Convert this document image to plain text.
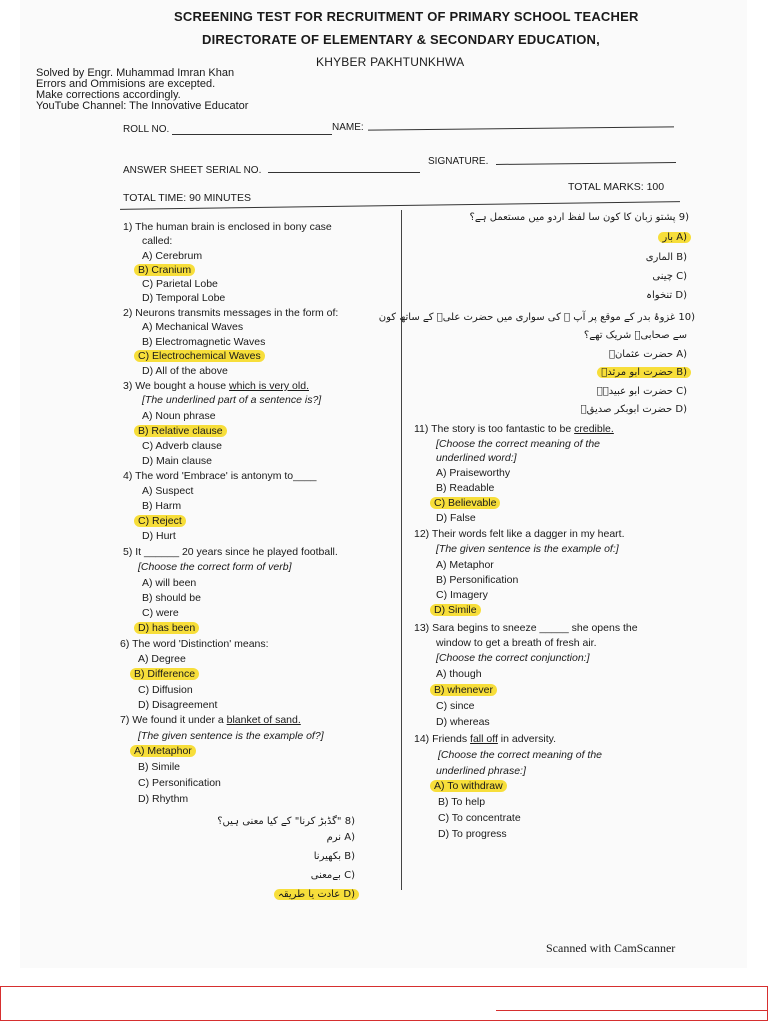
SCREENING TEST FOR RECRUITMENT OF PRIMARY SCHOOL TEACHER
DIRECTORATE OF ELEMENTARY & SECONDARY EDUCATION,
KHYBER PAKHTUNKHWA
Solved by Engr. Muhammad Imran Khan
Errors and Ommisions are excepted.
Make corrections accordingly.
YouTube Channel: The Innovative Educator
ROLL NO.	NAME:
ANSWER SHEET SERIAL NO.
SIGNATURE.
TOTAL TIME: 90 MINUTES
TOTAL MARKS: 100
1) The human brain is enclosed in bony case
called:
A) Cerebrum
B) Cranium
C) Parietal Lobe
D) Temporal Lobe
2) Neurons transmits messages in the form of:
A) Mechanical Waves
B) Electromagnetic Waves
C) Electrochemical Waves
D) All of the above
3) We bought a house which is very old.
[The underlined part of a sentence is?]
A) Noun phrase
B) Relative clause
C) Adverb clause
D) Main clause
4) The word 'Embrace' is antonym to____
A) Suspect
B) Harm
C) Reject
D) Hurt
5) It ______ 20 years since he played football.
[Choose the correct form of verb]
A) will been
B) should be
C) were
D) has been
6) The word 'Distinction' means:
A) Degree
B) Difference
C) Diffusion
D) Disagreement
7) We found it under a blanket of sand.
[The given sentence is the example of?]
A) Metaphor
B) Simile
C) Personification
D) Rhythm
(8 "گڈبڑ کرنا" کے کیا معنی ہیں؟
(A نرم
(B بکھیرنا
(C بےمعنی
(D عادت یا طریقہ
(9 پشتو زبان کا کون سا لفظ اردو میں مستعمل ہے؟
(A بار
(B الماری
(C چینی
(D تنخواہ
(10 غزوۂ بدر کے موقع پر آپ ﷺ کی سواری میں حضرت علیؓ کے ساتھ کون
سے صحابیؓ شریک تھے؟
(A حضرت عثمانؓ
(B حضرت ابو مرثدؓ
(C حضرت ابو عبیدہؓ
(D حضرت ابوبکر صدیقؓ
11) The story is too fantastic to be credible.
[Choose the correct meaning of the
underlined word:]
A) Praiseworthy
B) Readable
C) Believable
D) False
12) Their words felt like a dagger in my heart.
[The given sentence is the example of:]
A) Metaphor
B) Personification
C) Imagery
D) Simile
13) Sara begins to sneeze _____ she opens the
window to get a breath of fresh air.
[Choose the correct conjunction:]
A) though
B) whenever
C) since
D) whereas
14) Friends fall off in adversity.
[Choose the correct meaning of the
underlined phrase:]
A) To withdraw
B) To help
C) To concentrate
D) To progress
Scanned with CamScanner
